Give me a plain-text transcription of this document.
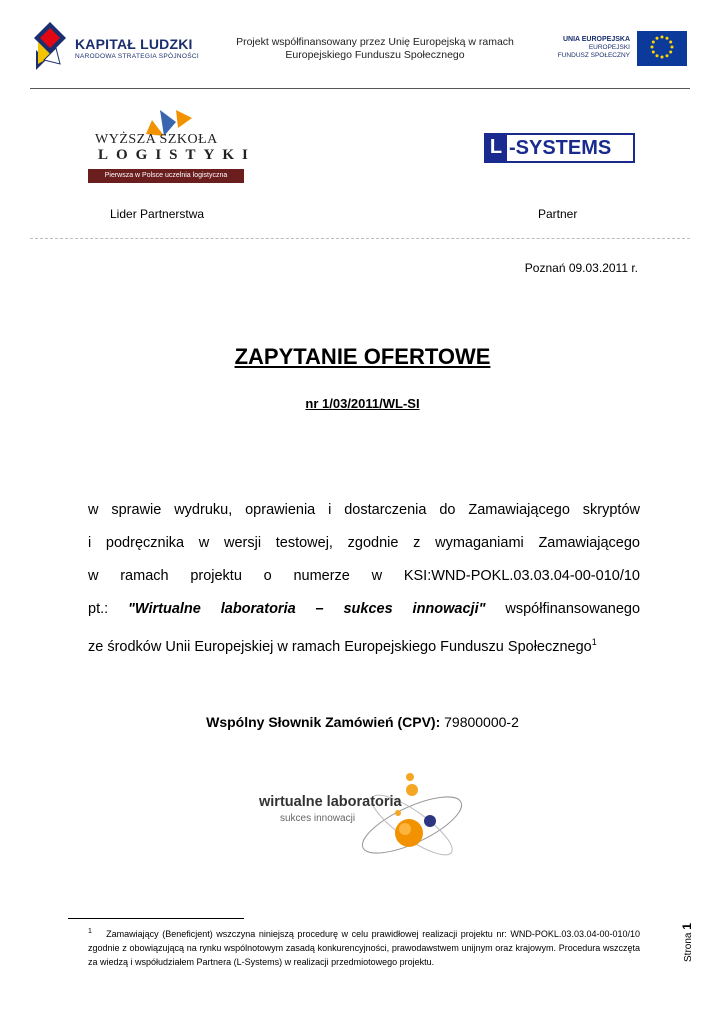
KAPITAŁ LUDZKI
NARODOWA STRATEGIA SPÓJNOŚCI
Projekt współfinansowany przez Unię Europejską w ramach
Europejskiego Funduszu Społecznego
UNIA EUROPEJSKA
EUROPEJSKI
FUNDUSZ SPOŁECZNY
WYŻSZA SZKOŁA
LOGISTYKI
Pierwsza w Polsce uczelnia logistyczna
L -SYSTEMS
Lider Partnerstwa	Partner
Poznań 09.03.2011 r.
ZAPYTANIE OFERTOWE
nr 1/03/2011/WL-SI

w sprawie wydruku, oprawienia i dostarczenia do Zamawiającego skryptów

i podręcznika w wersji testowej, zgodnie z wymaganiami Zamawiającego

w ramach projektu o numerze w KSI:WND-POKL.03.03.04-00-010/10

pt.: "Wirtualne laboratoria – sukces innowacji" współfinansowanego

ze środków Unii Europejskiej w ramach Europejskiego Funduszu Społecznego$^1$

Wspólny Słownik Zamówień (CPV): 79800000-2
wirtualne laboratoria
sukces innowacji
$^1$ Zamawiający (Beneficjent) wszczyna niniejszą procedurę w celu prawidłowej realizacji projektu nr: WND-POKL.03.03.04-00-010/10 zgodnie z obowiązującą na rynku wspólnotowym zasadą konkurencyjności, prawodawstwem unijnym oraz krajowym. Procedura wszczęta za wiedzą i współudziałem Partnera (L-Systems) w realizacji przedmiotowego projektu.	Strona 1
